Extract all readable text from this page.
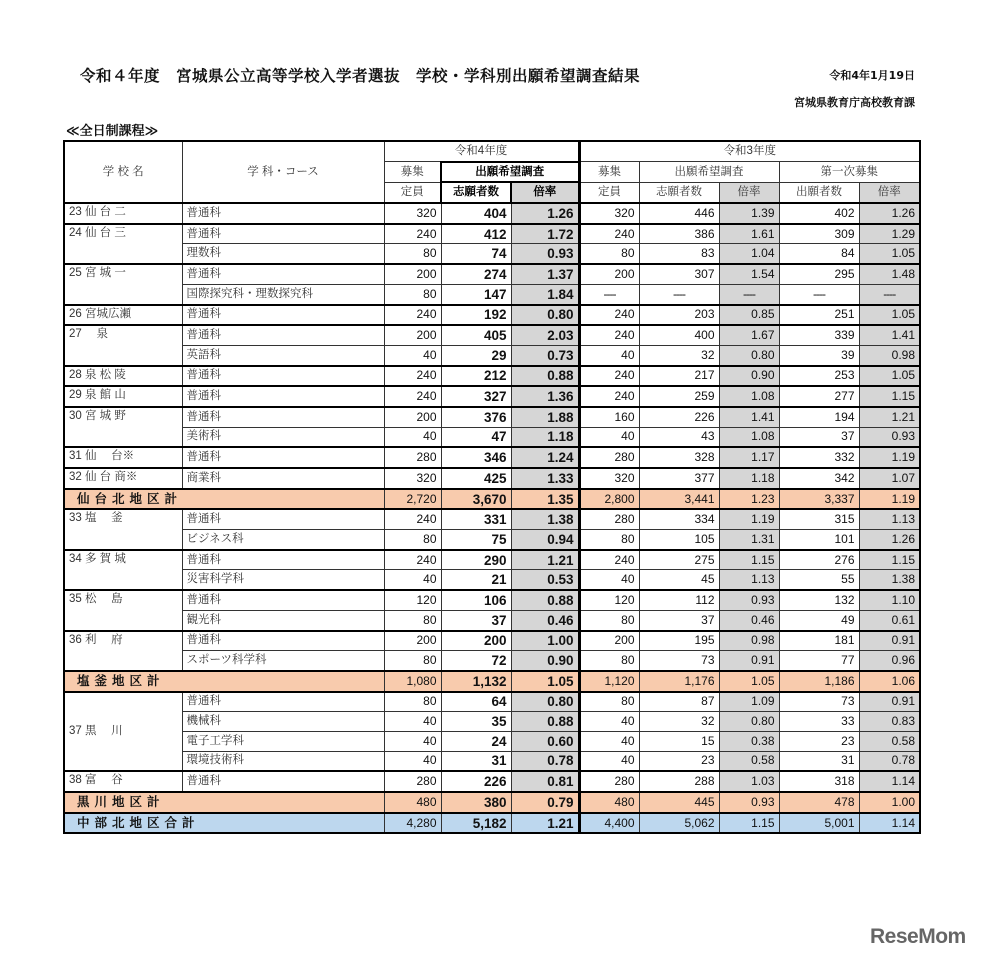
令和４年度　宮城県公立高等学校入学者選抜　学校・学科別出願希望調査結果	令和4年1月19日
宮城県教育庁高校教育課
≪全日制課程≫
学 校 名	学 科・コース	令和4年度			令和3年度				
		募集	出願希望調査		募集	出願希望調査		第一次募集	
		定員	志願者数	倍率	定員	志願者数	倍率	出願者数	倍率
23 仙 台 二	普通科	320	404	1.26	320	446	1.39	402	1.26
24 仙 台 三	普通科	240	412	1.72	240	386	1.61	309	1.29
	理数科	80	74	0.93	80	83	1.04	84	1.05
25 宮 城 一	普通科	200	274	1.37	200	307	1.54	295	1.48
	国際探究科・理数探究科	80	147	1.84	----	----	----	----	----
26 宮城広瀬	普通科	240	192	0.80	240	203	0.85	251	1.05
27　 泉	普通科	200	405	2.03	240	400	1.67	339	1.41
	英語科	40	29	0.73	40	32	0.80	39	0.98
28 泉 松 陵	普通科	240	212	0.88	240	217	0.90	253	1.05
29 泉 館 山	普通科	240	327	1.36	240	259	1.08	277	1.15
30 宮 城 野	普通科	200	376	1.88	160	226	1.41	194	1.21
	美術科	40	47	1.18	40	43	1.08	37	0.93
31 仙　 台※	普通科	280	346	1.24	280	328	1.17	332	1.19
32 仙 台 商※	商業科	320	425	1.33	320	377	1.18	342	1.07
仙台北地区計		2,720	3,670	1.35	2,800	3,441	1.23	3,337	1.19
33 塩　 釜	普通科	240	331	1.38	280	334	1.19	315	1.13
	ビジネス科	80	75	0.94	80	105	1.31	101	1.26
34 多 賀 城	普通科	240	290	1.21	240	275	1.15	276	1.15
	災害科学科	40	21	0.53	40	45	1.13	55	1.38
35 松　 島	普通科	120	106	0.88	120	112	0.93	132	1.10
	観光科	80	37	0.46	80	37	0.46	49	0.61
36 利　 府	普通科	200	200	1.00	200	195	0.98	181	0.91
	スポーツ科学科	80	72	0.90	80	73	0.91	77	0.96
塩釜地区計		1,080	1,132	1.05	1,120	1,176	1.05	1,186	1.06
37 黒　 川	普通科	80	64	0.80	80	87	1.09	73	0.91
	機械科	40	35	0.88	40	32	0.80	33	0.83
	電子工学科	40	24	0.60	40	15	0.38	23	0.58
	環境技術科	40	31	0.78	40	23	0.58	31	0.78
38 富　 谷	普通科	280	226	0.81	280	288	1.03	318	1.14
黒川地区計		480	380	0.79	480	445	0.93	478	1.00
中部北地区合計		4,280	5,182	1.21	4,400	5,062	1.15	5,001	1.14
ReseMom
